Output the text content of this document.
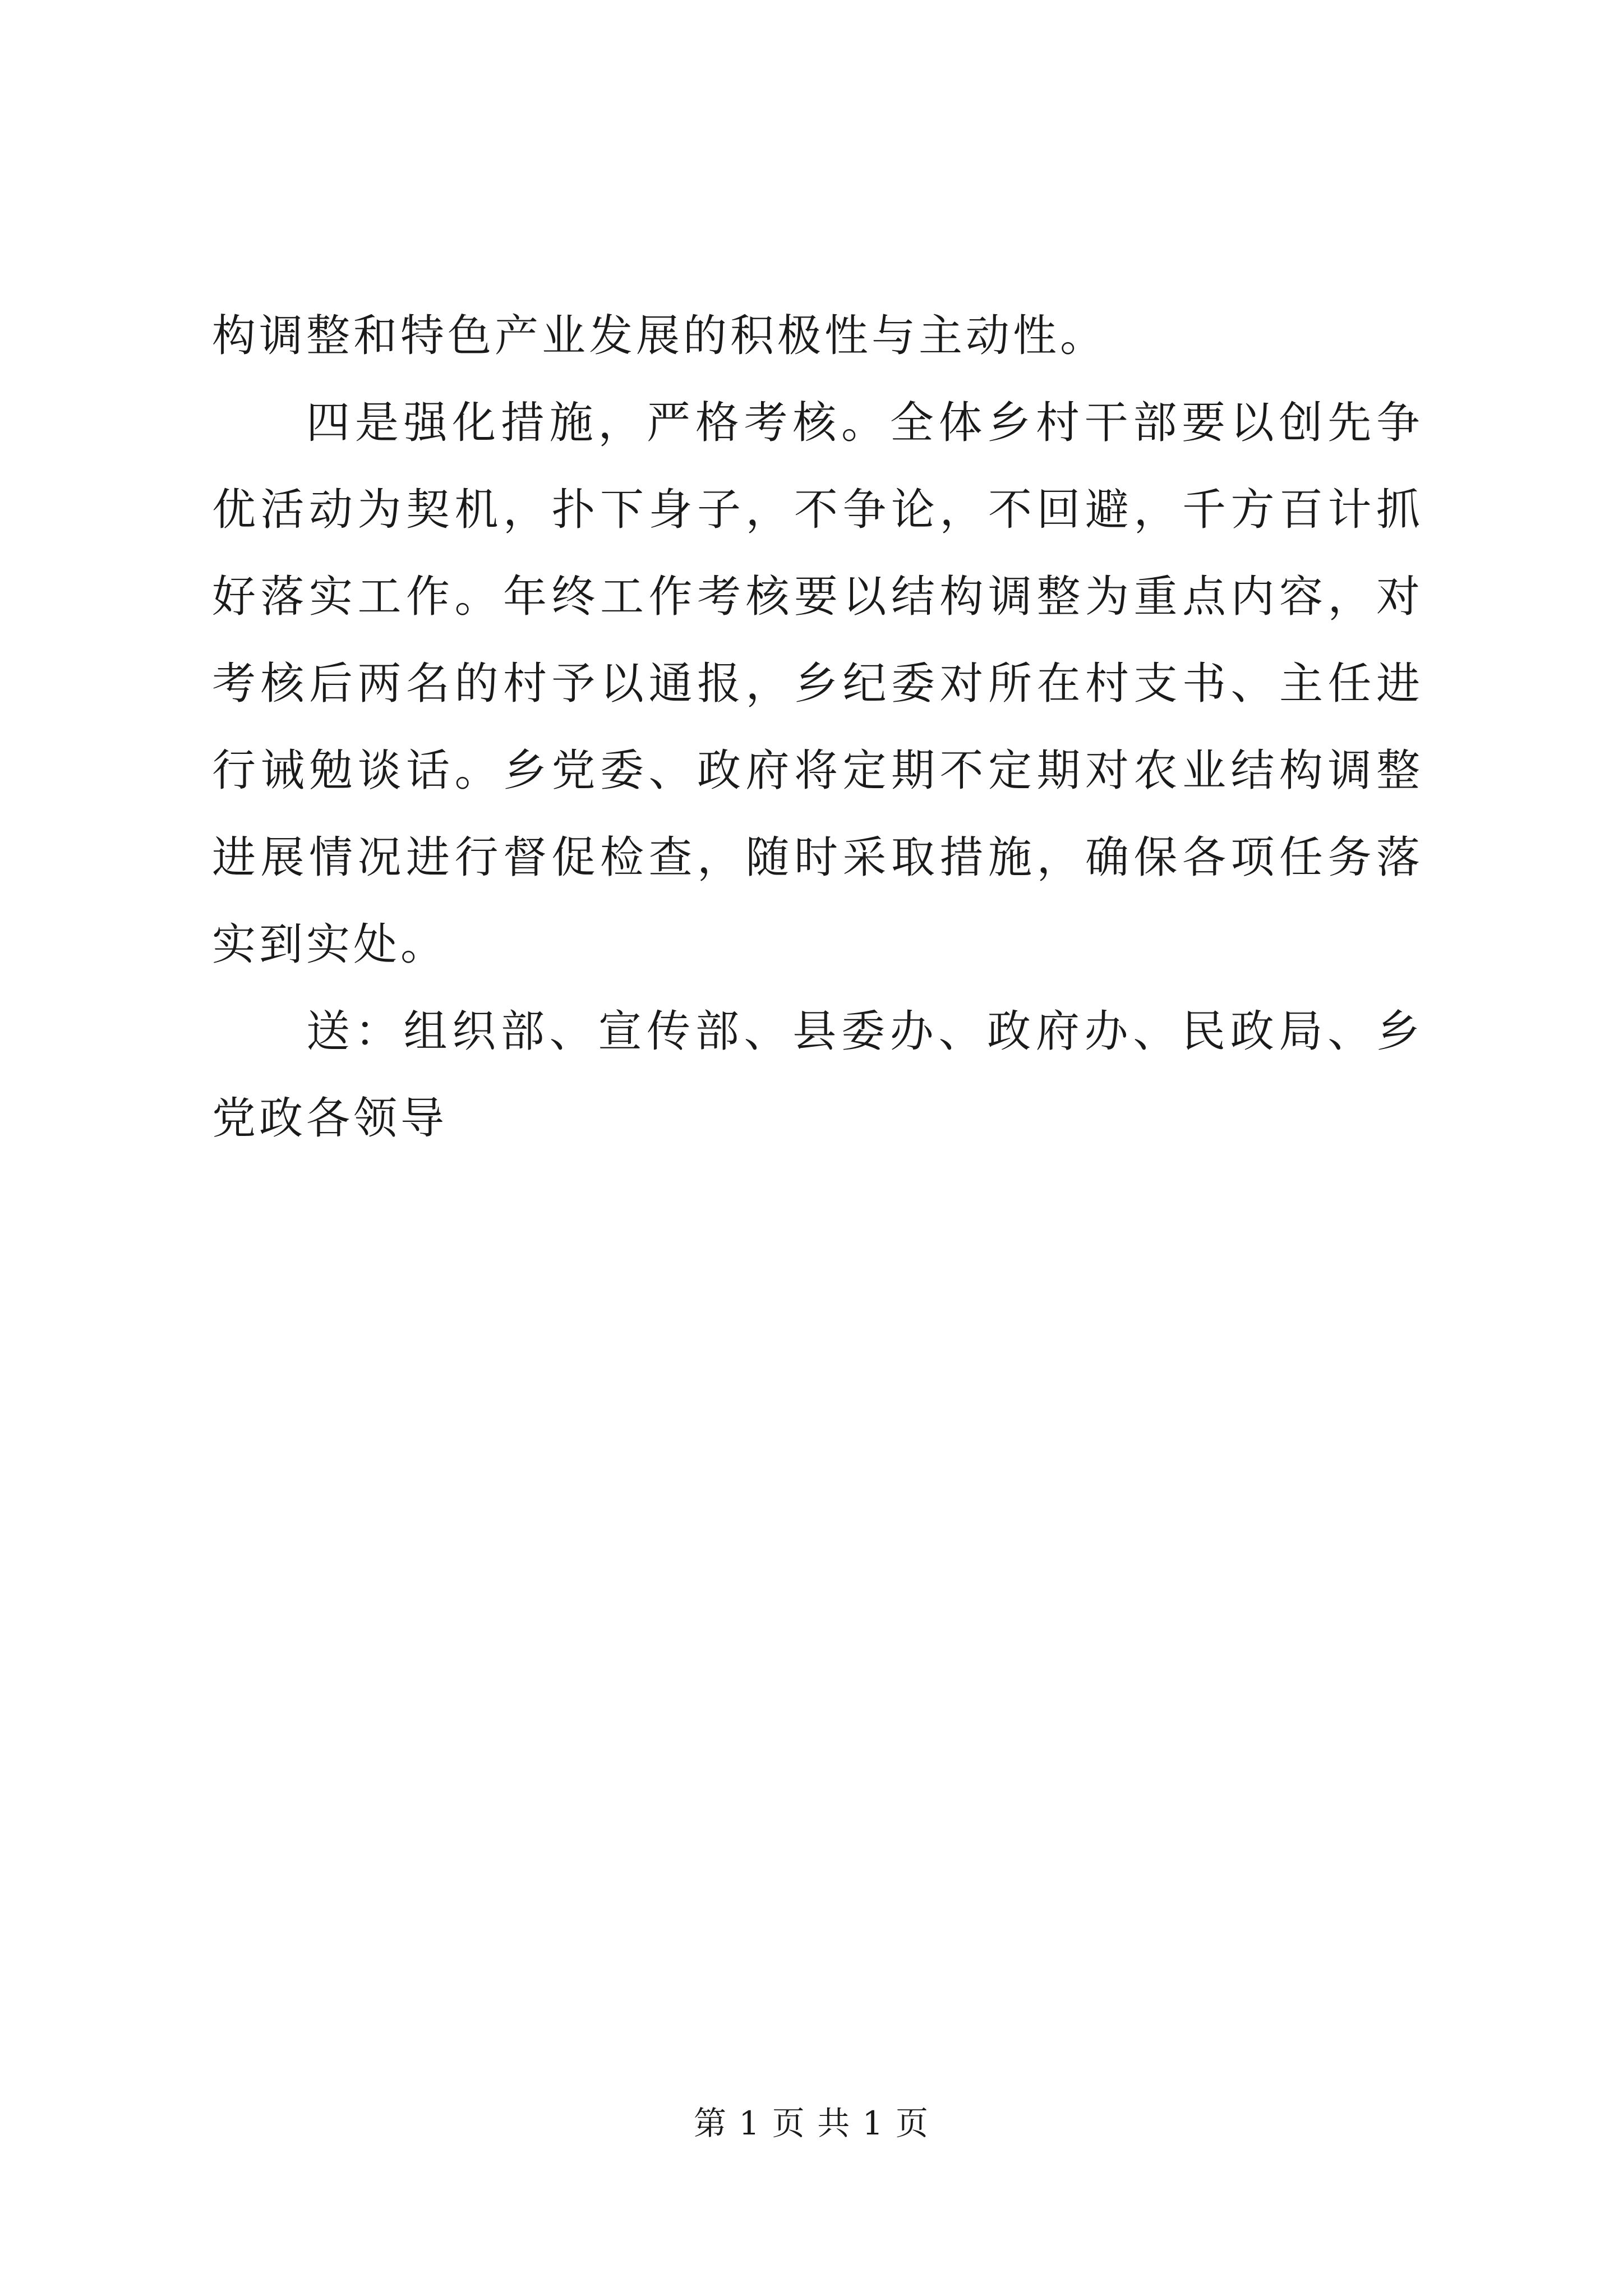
构调整和特色产业发展的积极性与主动性。

四是强化措施，严格考核。全体乡村干部要以创先争优活动为契机，扑下身子，不争论，不回避，千方百计抓好落实工作。年终工作考核要以结构调整为重点内容，对考核后两名的村予以通报，乡纪委对所在村支书、主任进行诫勉谈话。乡党委、政府将定期不定期对农业结构调整进展情况进行督促检查，随时采取措施，确保各项任务落实到实处。

送：组织部、宣传部、县委办、政府办、民政局、乡党政各领导

第 1 页 共 1 页
